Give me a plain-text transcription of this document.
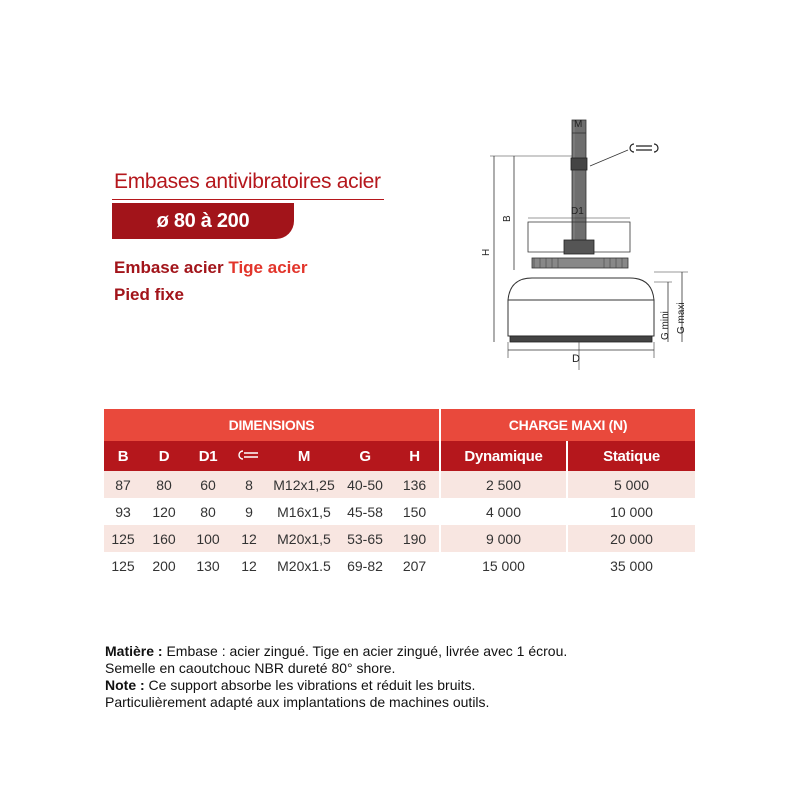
Embases antivibratoires acier
ø 80 à 200
Embase acier Tige acier
Pied fixe
M
D1
D
H
B
G mini G maxi
DIMENSIONS							CHARGE MAXI (N)	
B	D	D1		M	G	H	Dynamique	Statique
87	80	60	8	M12x1,25	40-50	136	2 500	5 000
93	120	80	9	M16x1,5	45-58	150	4 000	10 000
125	160	100	12	M20x1,5	53-65	190	9 000	20 000
125	200	130	12	M20x1.5	69-82	207	15 000	35 000
Matière : Embase : acier zingué. Tige en acier zingué, livrée avec 1 écrou.
Semelle en caoutchouc NBR dureté 80° shore.
Note : Ce support absorbe les vibrations et réduit les bruits.
Particulièrement adapté aux implantations de machines outils.
